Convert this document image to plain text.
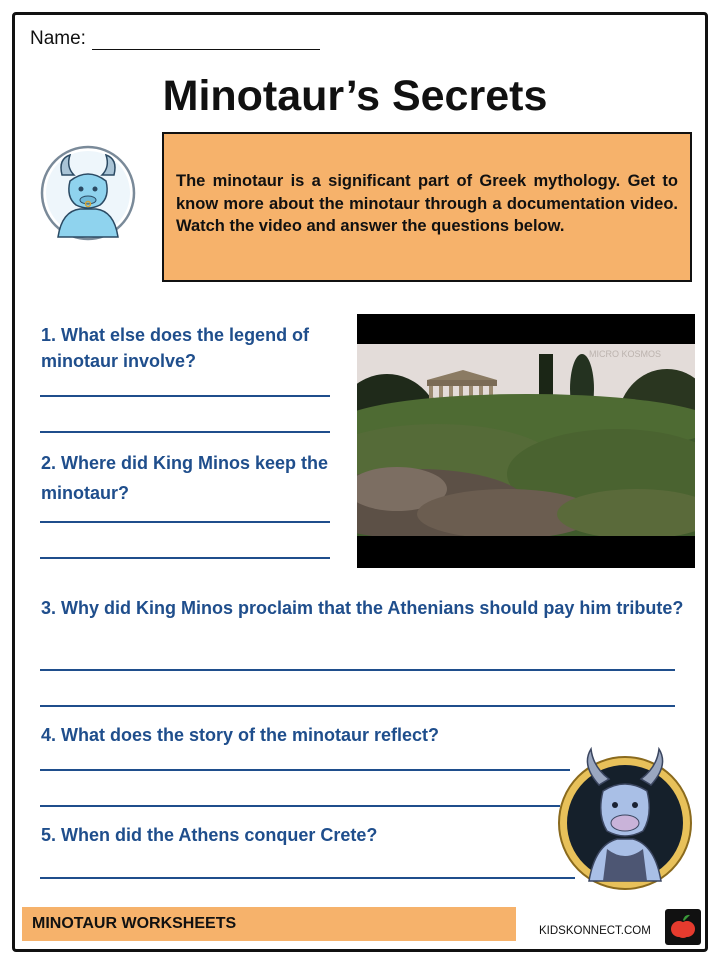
Name:
Minotaur’s Secrets
The minotaur is a significant part of Greek mythology. Get to know more about the minotaur through a documentation video. Watch the video and answer the questions below.
MICRO KOSMOS
1. What else does the legend of minotaur involve?
2. Where did King Minos keep the minotaur?
3. Why did King Minos proclaim that the Athenians should pay him tribute?
4. What does the story of the minotaur reflect?
5. When did the Athens conquer Crete?
MINOTAUR WORKSHEETS	KIDSKONNECT.COM
